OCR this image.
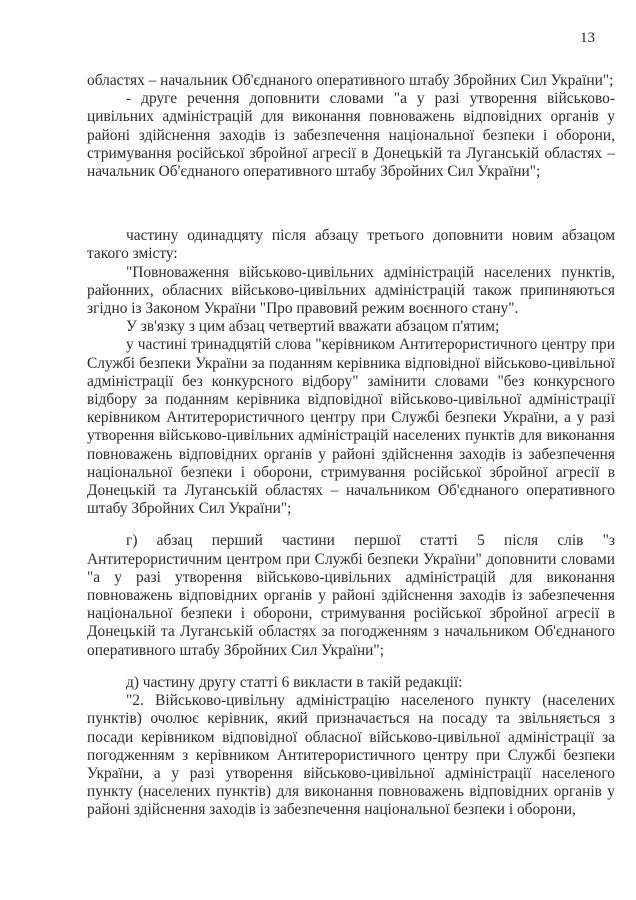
13

областях – начальник Об'єднаного оперативного штабу Збройних Сил України";

- друге речення доповнити словами "а у разі утворення військово-цивільних адміністрацій для виконання повноважень відповідних органів у районі здійснення заходів із забезпечення національної безпеки і оборони, стримування російської збройної агресії в Донецькій та Луганській областях – начальник Об'єднаного оперативного штабу Збройних Сил України";

частину одинадцяту після абзацу третього доповнити новим абзацом такого змісту:

"Повноваження військово-цивільних адміністрацій населених пунктів, районних, обласних військово-цивільних адміністрацій також припиняються згідно із Законом України "Про правовий режим воєнного стану".

У зв'язку з цим абзац четвертий вважати абзацом п'ятим;

у частині тринадцятій слова "керівником Антитерористичного центру при Службі безпеки України за поданням керівника відповідної військово-цивільної адміністрації без конкурсного відбору" замінити словами "без конкурсного відбору за поданням керівника відповідної військово-цивільної адміністрації керівником Антитерористичного центру при Службі безпеки України, а у разі утворення військово-цивільних адміністрацій населених пунктів для виконання повноважень відповідних органів у районі здійснення заходів із забезпечення національної безпеки і оборони, стримування російської збройної агресії в Донецькій та Луганській областях – начальником Об'єднаного оперативного штабу Збройних Сил України";

г) абзац перший частини першої статті 5 після слів "з Антитерористичним центром при Службі безпеки України" доповнити словами "а у разі утворення військово-цивільних адміністрацій для виконання повноважень відповідних органів у районі здійснення заходів із забезпечення національної безпеки і оборони, стримування російської збройної агресії в Донецькій та Луганській областях за погодженням з начальником Об'єднаного оперативного штабу Збройних Сил України";

д) частину другу статті 6 викласти в такій редакції:

"2. Військово-цивільну адміністрацію населеного пункту (населених пунктів) очолює керівник, який призначається на посаду та звільняється з посади керівником відповідної обласної військово-цивільної адміністрації за погодженням з керівником Антитерористичного центру при Службі безпеки України, а у разі утворення військово-цивільної адміністрації населеного пункту (населених пунктів) для виконання повноважень відповідних органів у районі здійснення заходів із забезпечення національної безпеки і оборони,
